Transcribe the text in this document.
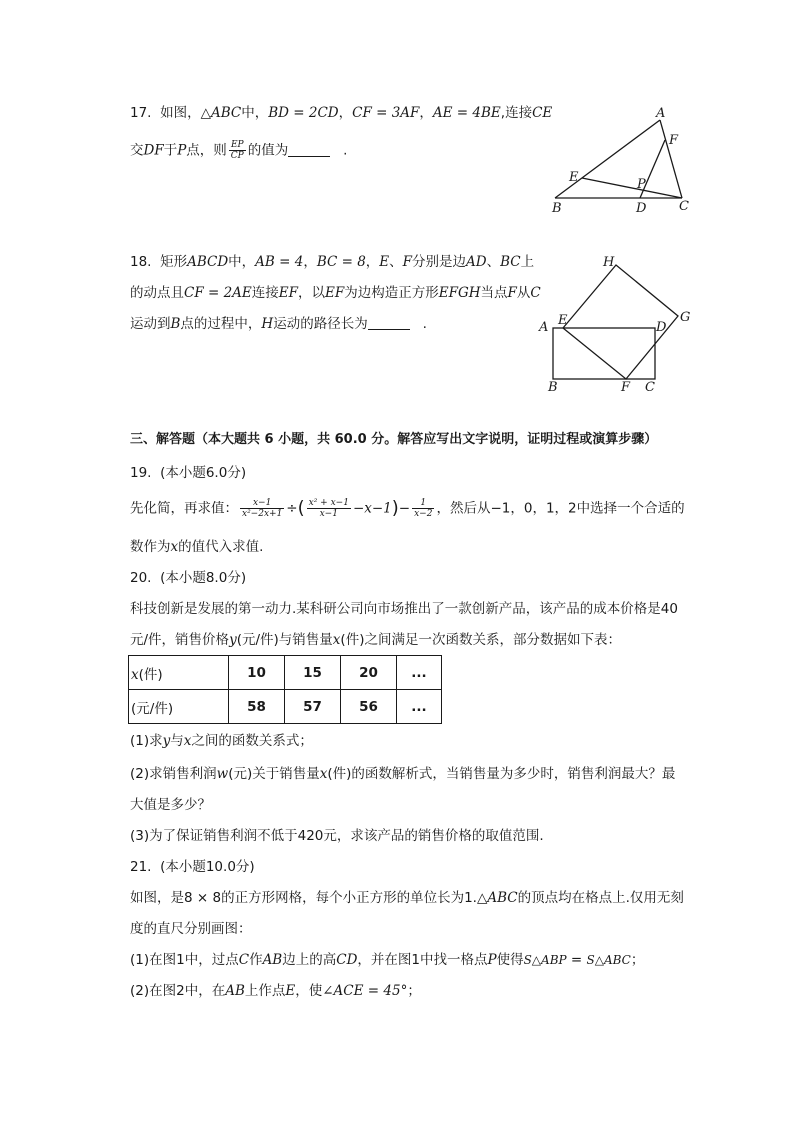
17. 如图，△ABC中，BD = 2CD，CF = 3AF，AE = 4BE,连接CE
交DF于P点，则 $\frac{EP}{CP}$ 的值为	.
A
F
E	P
B	D	C
18. 矩形ABCD中，AB = 4，BC = 8，E、F分别是边AD、BC上
的动点且CF = 2AE连接EF，以EF为边构造正方形EFGH当点F从C
运动到B点的过程中，H运动的路径长为	.
H
G
A E	D
B	F C
三、解答题（本大题共 6 小题，共 60.0 分。解答应写出文字说明，证明过程或演算步骤）
19. (本小题6.0分)
先化简，再求值： $\frac{x-1}{\text{x²−2x+1}}$ ÷( $\frac{\text{x² + x−1}}{x-1} -x-1)- \frac{1}{x-2}$ ，然后从−1，0，1，2中选择一个合适的
数作为x的值代入求值.
20. (本小题8.0分)
科技创新是发展的第一动力.某科研公司向市场推出了一款创新产品，该产品的成本价格是40
元/件，销售价格y(元/件)与销售量x(件)之间满足一次函数关系，部分数据如下表：
x(件)	10	15	20	...
(元/件)	58	57	56	...
(1)求y与x之间的函数关系式；
(2)求销售利润w(元)关于销售量x(件)的函数解析式，当销售量为多少时，销售利润最大？最
大值是多少？
(3)为了保证销售利润不低于420元，求该产品的销售价格的取值范围.
21. (本小题10.0分)
如图，是8 × 8的正方形网格，每个小正方形的单位长为1.△ABC的顶点均在格点上.仅用无刻
度的直尺分别画图：
(1)在图1中，过点C作AB边上的高CD，并在图1中找一格点P使得S△ABP = S△ABC；
(2)在图2中，在AB上作点E，使∠ACE = 45°；
